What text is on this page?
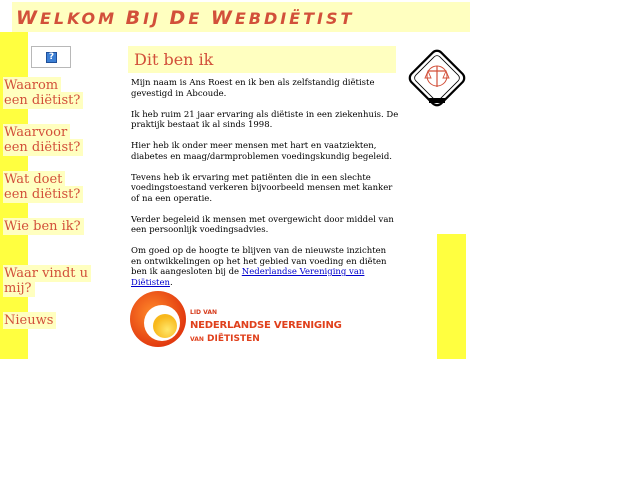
WELKOM BIJ DE WEBDIËTIST
?
Waarom een diëtist?
Waarvoor een diëtist?
Wat doet een diëtist?
Wie ben ik?
Waar vindt u mij?
Nieuws
Dit ben ik

Mijn naam is Ans Roest en ik ben als zelfstandig diëtiste gevestigd in Abcoude.

Ik heb ruim 21 jaar ervaring als diëtiste in een ziekenhuis. De praktijk bestaat ik al sinds 1998.

Hier heb ik onder meer mensen met hart en vaatziekten, diabetes en maag/darmproblemen voedingskundig begeleid.

Tevens heb ik ervaring met patiënten die in een slechte voedingstoestand verkeren bijvoorbeeld mensen met kanker of na een operatie.

Verder begeleid ik mensen met overgewicht door middel van een persoonlijk voedingsadvies.

Om goed op de hoogte te blijven van de nieuwste inzichten en ontwikkelingen op het het gebied van voeding en diëten ben ik aangesloten bij de Nederlandse Vereniging van Diëtisten.

LID VAN
NEDERLANDSE VERENIGING
VAN DIËTISTEN
